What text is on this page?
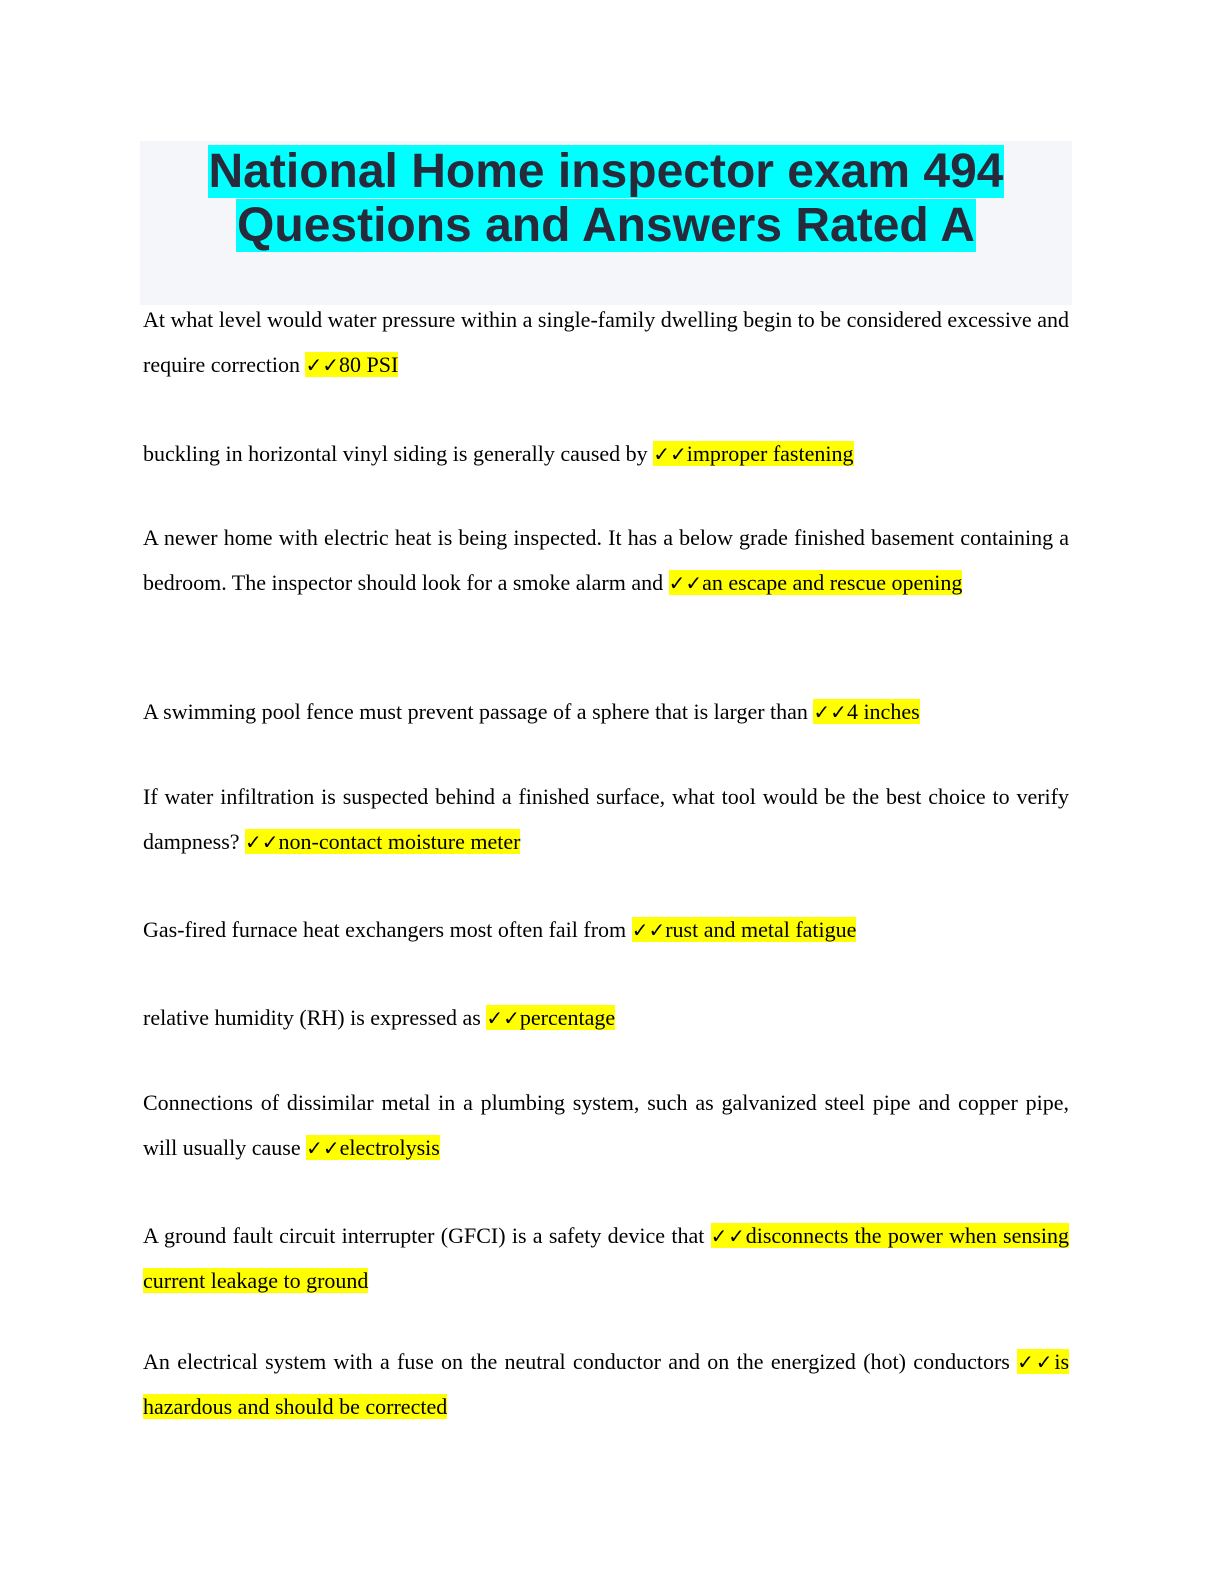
National Home inspector exam 494
Questions and Answers Rated A

At what level would water pressure within a single-family dwelling begin to be considered excessive and require correction ✓✓80 PSI

buckling in horizontal vinyl siding is generally caused by ✓✓improper fastening

A newer home with electric heat is being inspected. It has a below grade finished basement containing a bedroom. The inspector should look for a smoke alarm and ✓✓an escape and rescue opening

A swimming pool fence must prevent passage of a sphere that is larger than ✓✓4 inches

If water infiltration is suspected behind a finished surface, what tool would be the best choice to verify dampness? ✓✓non-contact moisture meter

Gas-fired furnace heat exchangers most often fail from ✓✓rust and metal fatigue

relative humidity (RH) is expressed as ✓✓percentage

Connections of dissimilar metal in a plumbing system, such as galvanized steel pipe and copper pipe, will usually cause ✓✓electrolysis

A ground fault circuit interrupter (GFCI) is a safety device that ✓✓disconnects the power when sensing current leakage to ground

An electrical system with a fuse on the neutral conductor and on the energized (hot) conductors ✓✓is hazardous and should be corrected
